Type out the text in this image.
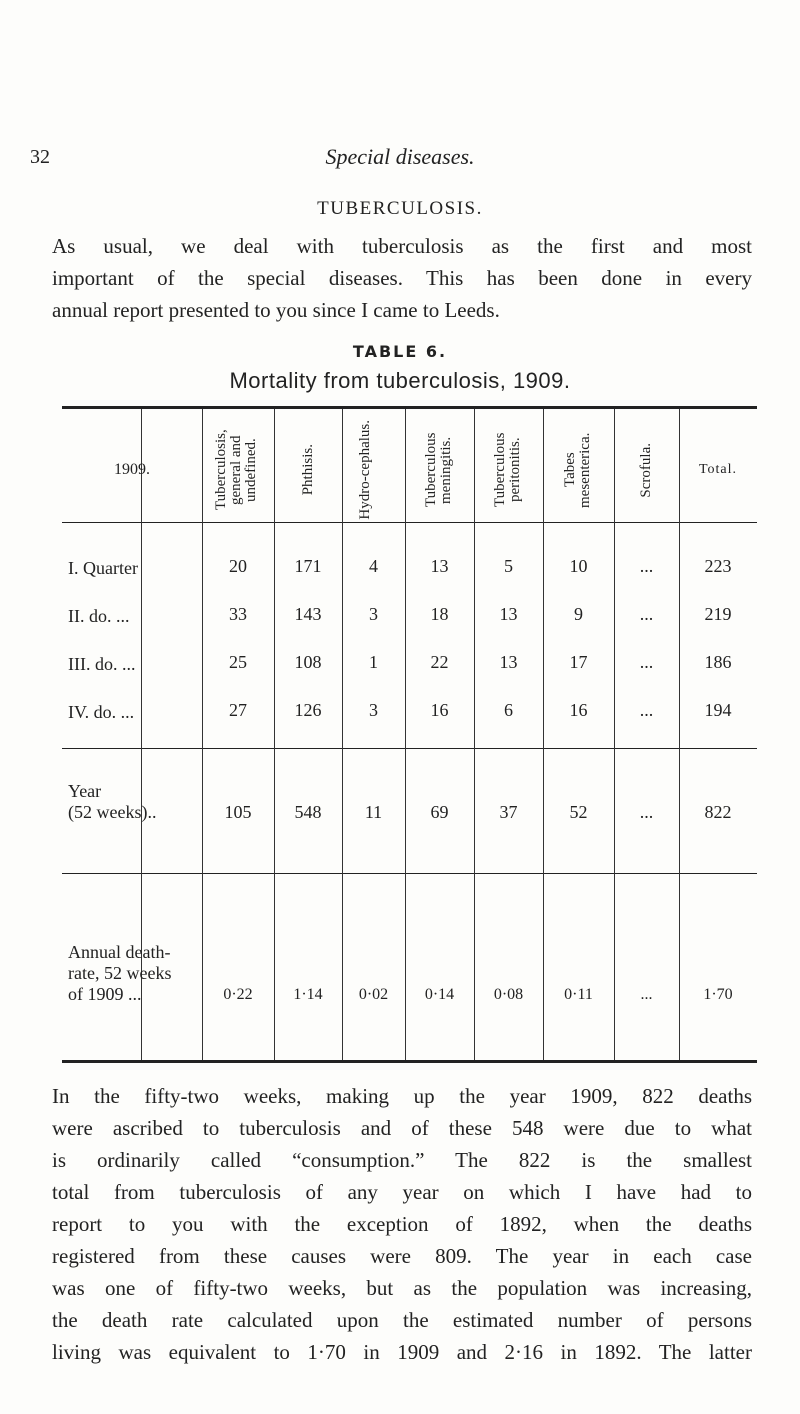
32	Special diseases.
TUBERCULOSIS.

As usual, we deal with tuberculosis as the first and most
important of the special diseases. This has been done in every
annual report presented to you since I came to Leeds.

TABLE 6.
Mortality from tuberculosis, 1909.
1909.	Tuberculosis, general and undefined.	Phthisis.	Hydro-cephalus.	Tuberculous meningitis.	Tuberculous peritonitis.	Tabes mesenterica.	Scrofula.	Total.
I. Quarter	20	171	4	13	5	10	...	223
II. do. ...	33	143	3	18	13	9	...	219
III. do. ...	25	108	1	22	13	17	...	186
IV. do. ...	27	126	3	16	6	16	...	194
Year
(52 weeks)..	105	548	11	69	37	52	...	822
Annual death-
rate, 52 weeks
of 1909 ...	0·22	1·14	0·02	0·14	0·08	0·11	...	1·70

In the fifty-two weeks, making up the year 1909, 822 deaths
were ascribed to tuberculosis and of these 548 were due to what
is ordinarily called “consumption.” The 822 is the smallest
total from tuberculosis of any year on which I have had to
report to you with the exception of 1892, when the deaths
registered from these causes were 809. The year in each case
was one of fifty-two weeks, but as the population was increasing,
the death rate calculated upon the estimated number of persons
living was equivalent to 1·70 in 1909 and 2·16 in 1892. The latter
